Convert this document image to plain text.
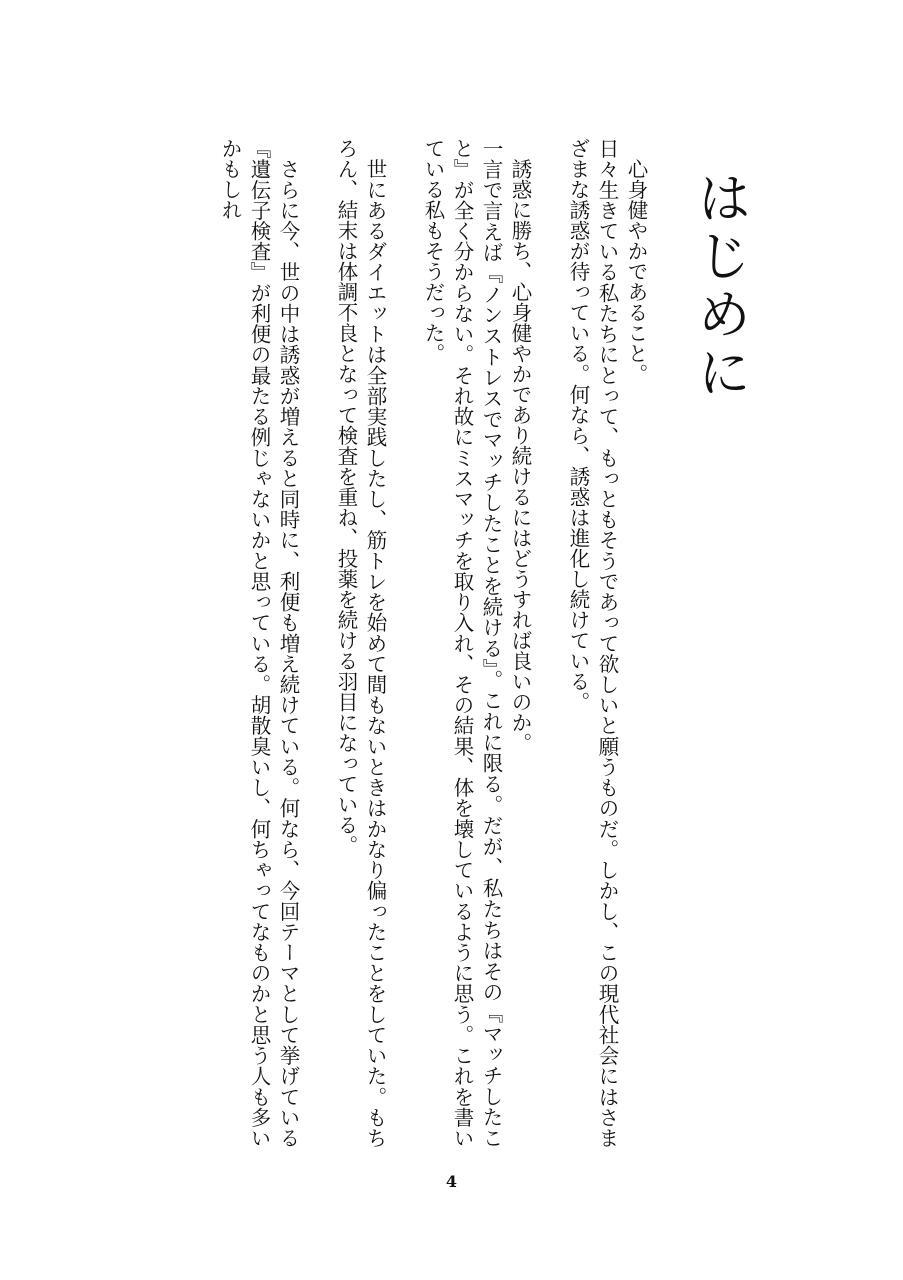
はじめに

　心身健やかであること。

日々生きている私たちにとって、もっともそうであって欲しいと願うものだ。しかし、この現代社会にはさまざまな誘惑が待っている。何なら、誘惑は進化し続けている。

　誘惑に勝ち、心身健やかであり続けるにはどうすれば良いのか。

一言で言えば『ノンストレスでマッチしたことを続ける』。これに限る。だが、私たちはその『マッチしたこと』が全く分からない。それ故にミスマッチを取り入れ、その結果、体を壊しているように思う。これを書いている私もそうだった。

　世にあるダイエットは全部実践したし、筋トレを始めて間もないときはかなり偏ったことをしていた。もちろん、結末は体調不良となって検査を重ね、投薬を続ける羽目になっている。

　さらに今、世の中は誘惑が増えると同時に、利便も増え続けている。何なら、今回テーマとして挙げている『遺伝子検査』が利便の最たる例じゃないかと思っている。胡散臭いし、何ちゃってなものかと思う人も多いかもしれ

4
